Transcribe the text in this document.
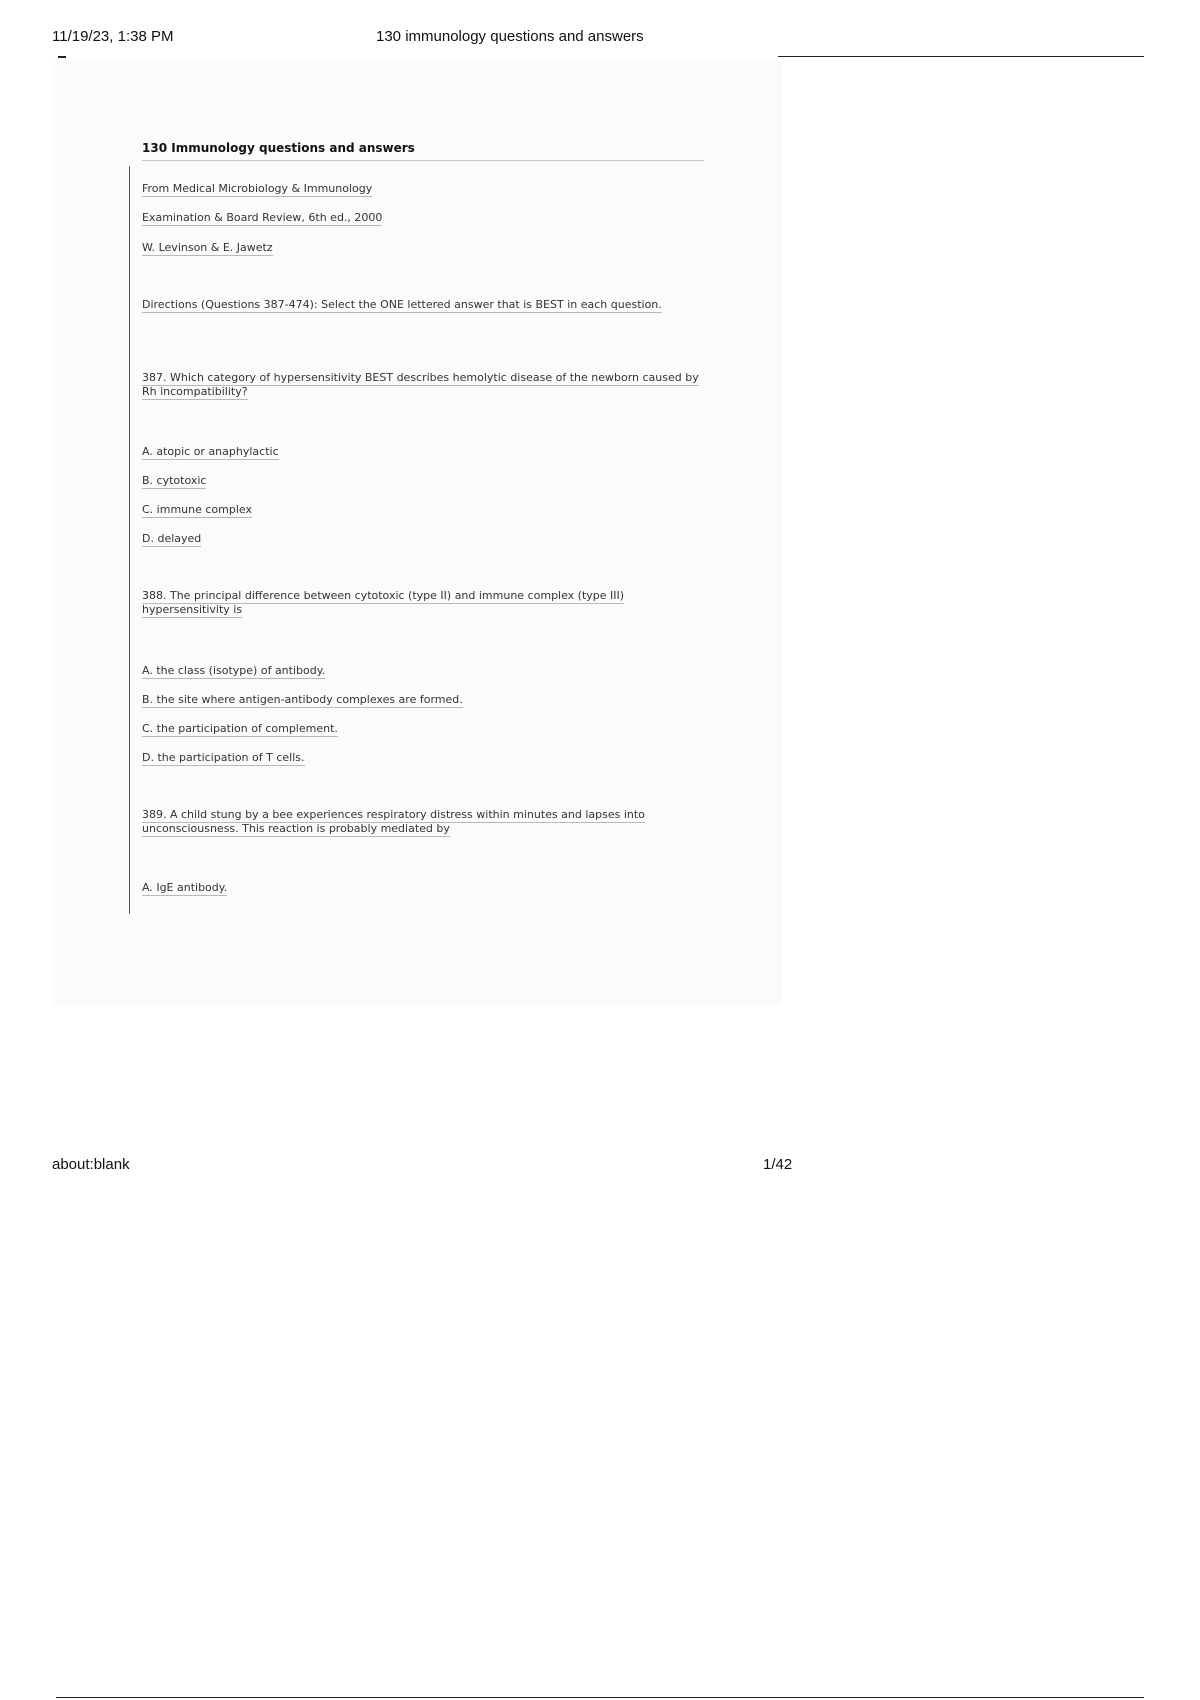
11/19/23, 1:38 PM	130 immunology questions and answers
130 Immunology questions and answers
From Medical Microbiology & Immunology
Examination & Board Review, 6th ed., 2000
W. Levinson & E. Jawetz
Directions (Questions 387-474): Select the ONE lettered answer that is BEST in each question.
387. Which category of hypersensitivity BEST describes hemolytic disease of the newborn caused by Rh incompatibility?
A. atopic or anaphylactic
B. cytotoxic
C. immune complex
D. delayed
388. The principal difference between cytotoxic (type II) and immune complex (type III) hypersensitivity is
A. the class (isotype) of antibody.
B. the site where antigen-antibody complexes are formed.
C. the participation of complement.
D. the participation of T cells.
389. A child stung by a bee experiences respiratory distress within minutes and lapses into unconsciousness. This reaction is probably mediated by
A. IgE antibody.
about:blank	1/42
